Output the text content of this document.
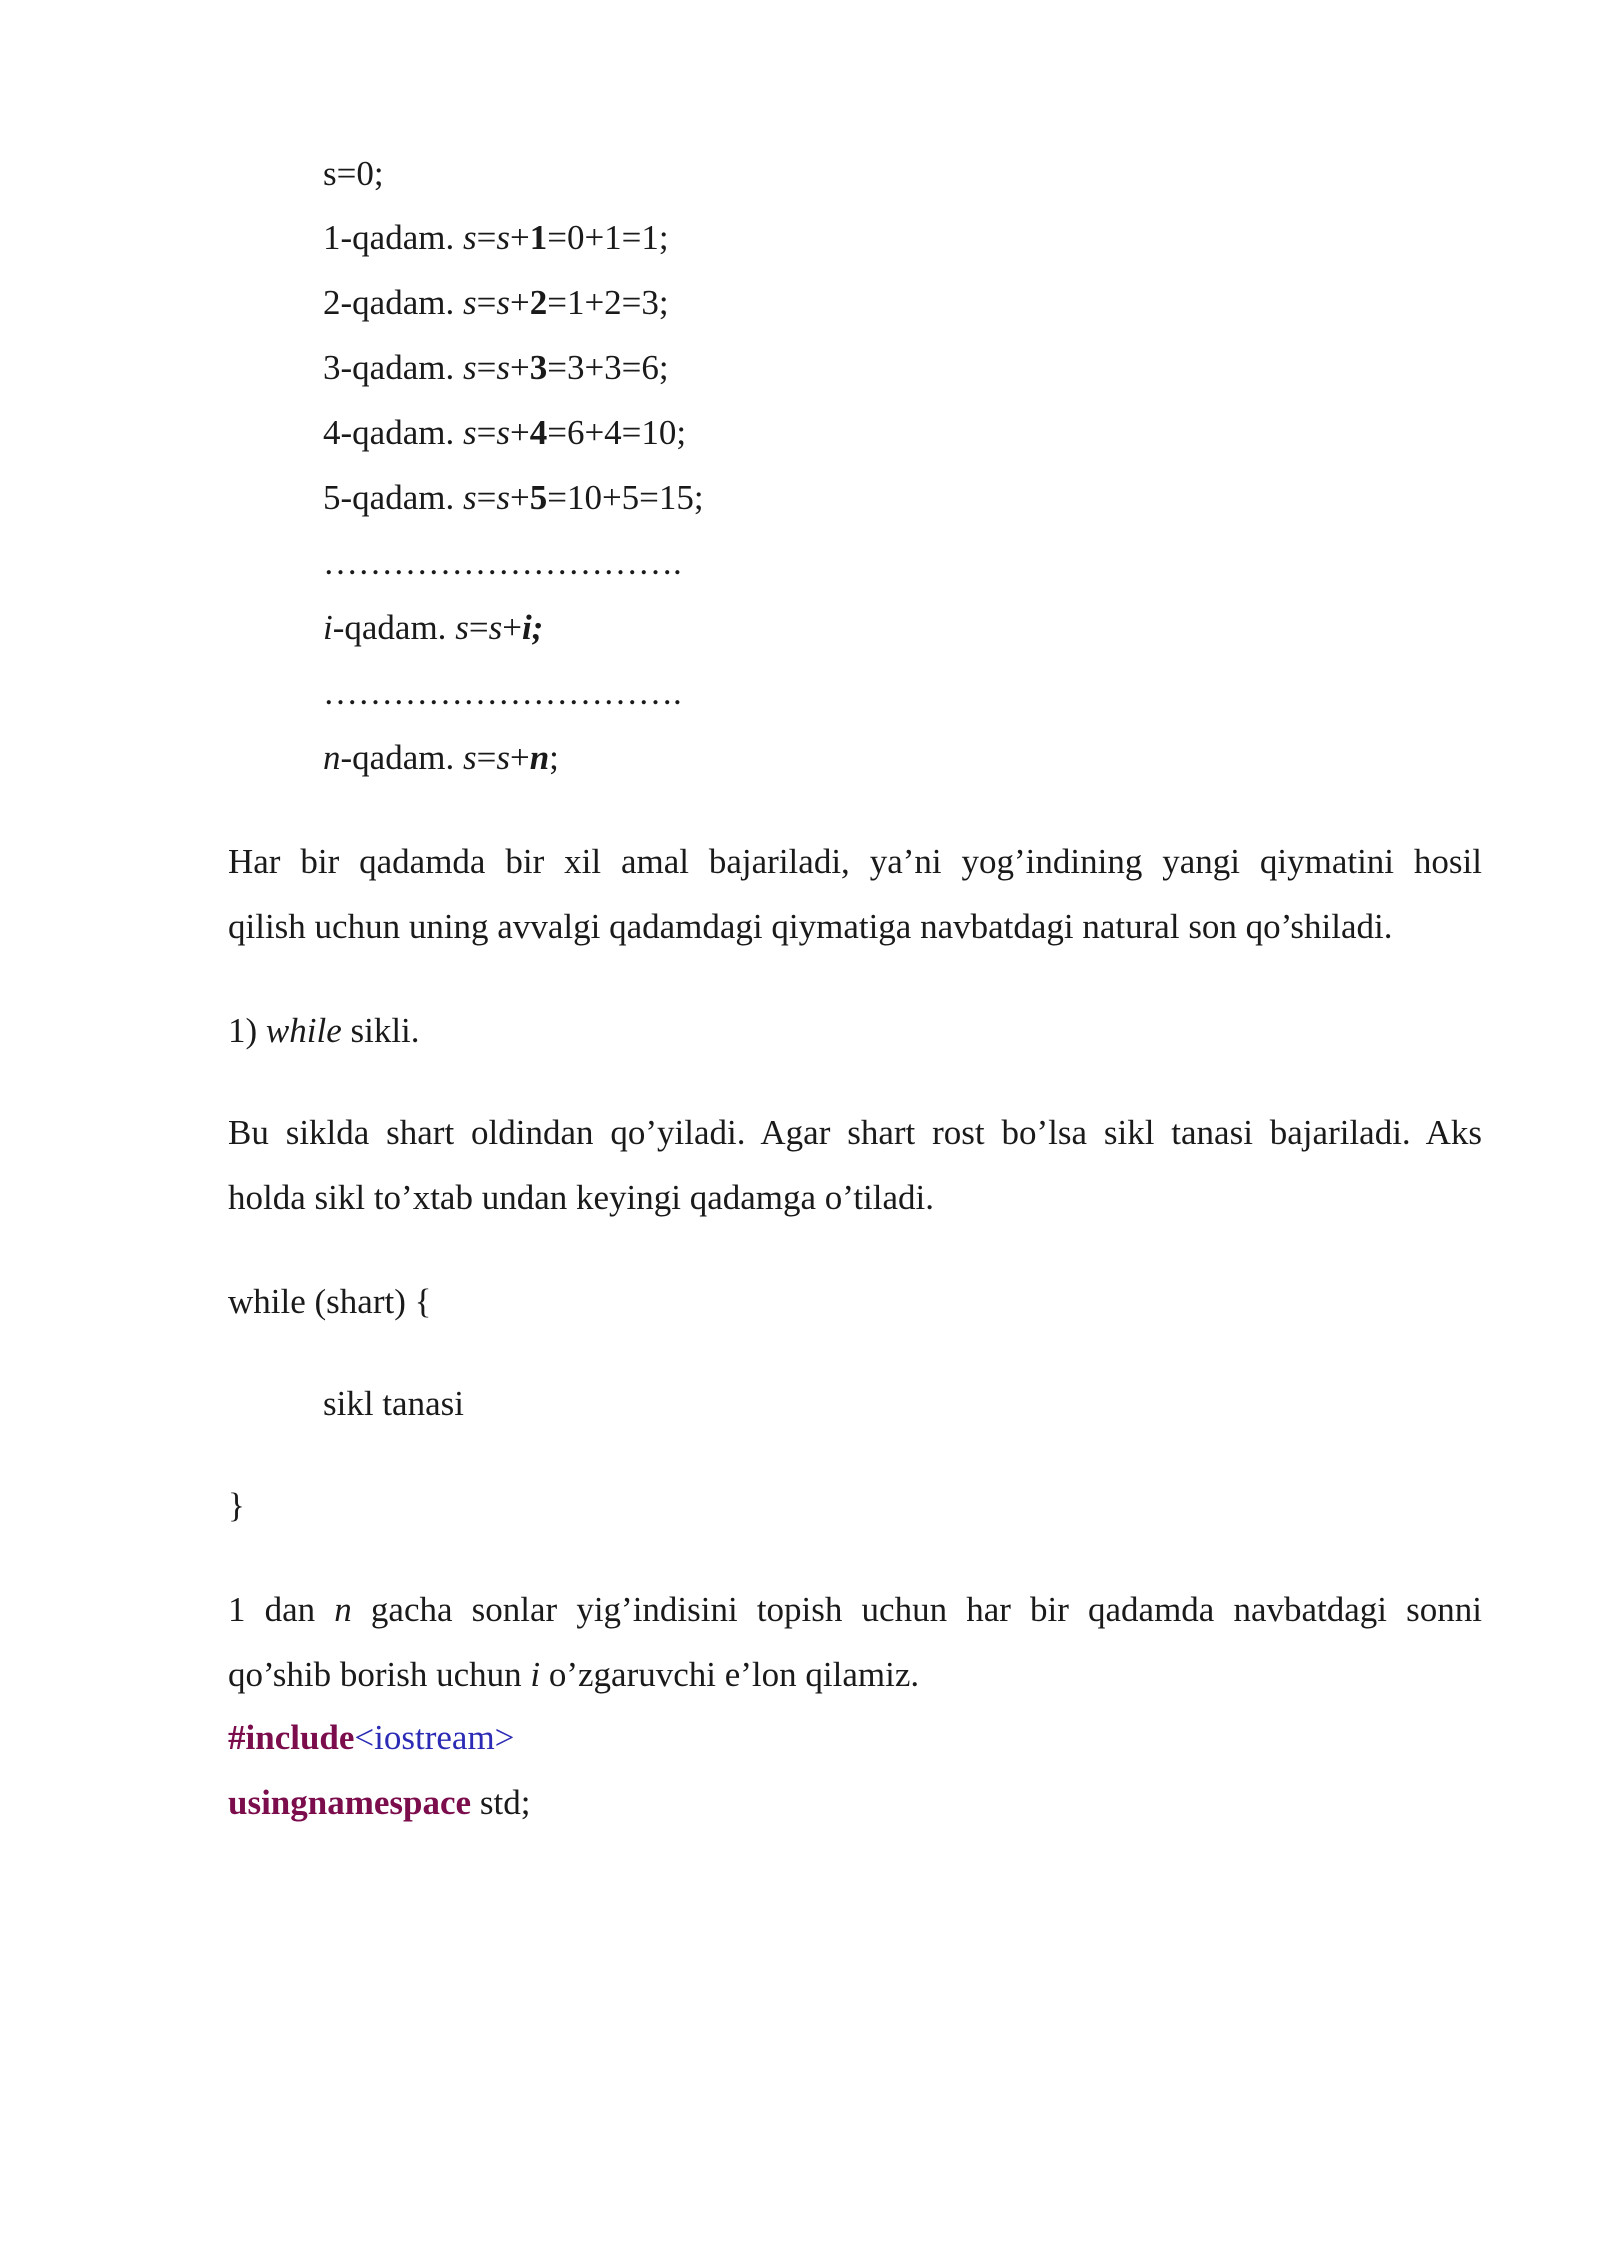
s=0;
1-qadam. s=s+1=0+1=1;
2-qadam. s=s+2=1+2=3;
3-qadam. s=s+3=3+3=6;
4-qadam. s=s+4=6+4=10;
5-qadam. s=s+5=10+5=15;
………………………….
i-qadam. s=s+i;
………………………….
n-qadam. s=s+n;
Har bir qadamda bir xil amal bajariladi, ya’ni yog’indining yangi qiymatini hosil
qilish uchun uning avvalgi qadamdagi qiymatiga navbatdagi natural son qo’shiladi.
1) while sikli.
Bu siklda shart oldindan qo’yiladi. Agar shart rost bo’lsa sikl tanasi bajariladi. Aks
holda sikl to’xtab undan keyingi qadamga o’tiladi.
while (shart) {
sikl tanasi
}
1 dan n gacha sonlar yig’indisini topish uchun har bir qadamda navbatdagi sonni
qo’shib borish uchun i o’zgaruvchi e’lon qilamiz.
#include<iostream>
usingnamespace std;
